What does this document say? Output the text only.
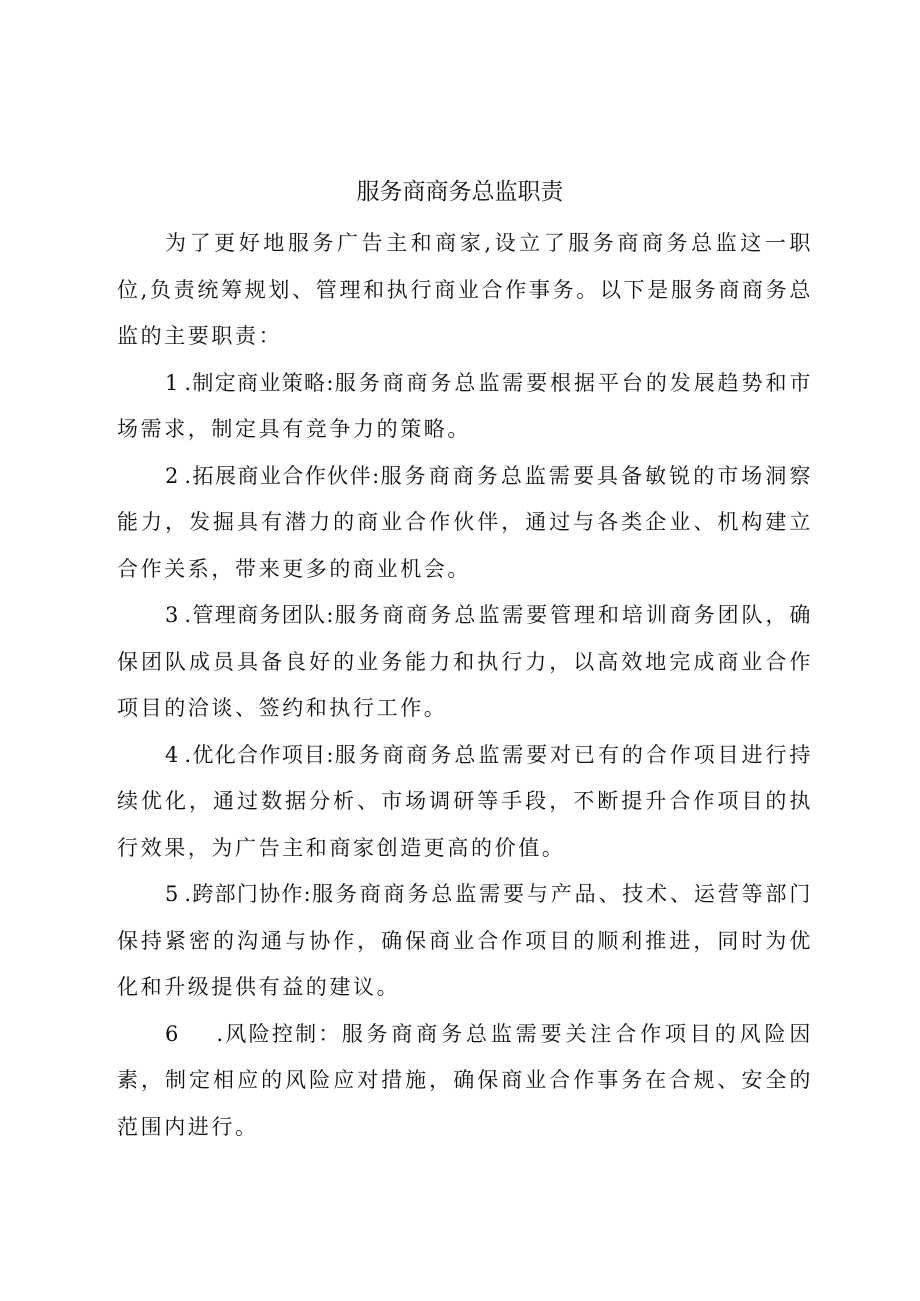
服务商商务总监职责

为了更好地服务广告主和商家,设立了服务商商务总监这一职位,负责统筹规划、管理和执行商业合作事务。以下是服务商商务总监的主要职责：

1 .制定商业策略:服务商商务总监需要根据平台的发展趋势和市场需求，制定具有竞争力的策略。

2 .拓展商业合作伙伴:服务商商务总监需要具备敏锐的市场洞察能力，发掘具有潜力的商业合作伙伴，通过与各类企业、机构建立合作关系，带来更多的商业机会。

3 .管理商务团队:服务商商务总监需要管理和培训商务团队，确保团队成员具备良好的业务能力和执行力，以高效地完成商业合作项目的洽谈、签约和执行工作。

4 .优化合作项目:服务商商务总监需要对已有的合作项目进行持续优化，通过数据分析、市场调研等手段，不断提升合作项目的执行效果，为广告主和商家创造更高的价值。

5 .跨部门协作:服务商商务总监需要与产品、技术、运营等部门保持紧密的沟通与协作，确保商业合作项目的顺利推进，同时为优化和升级提供有益的建议。

6 .风险控制：服务商商务总监需要关注合作项目的风险因素，制定相应的风险应对措施，确保商业合作事务在合规、安全的范围内进行。
